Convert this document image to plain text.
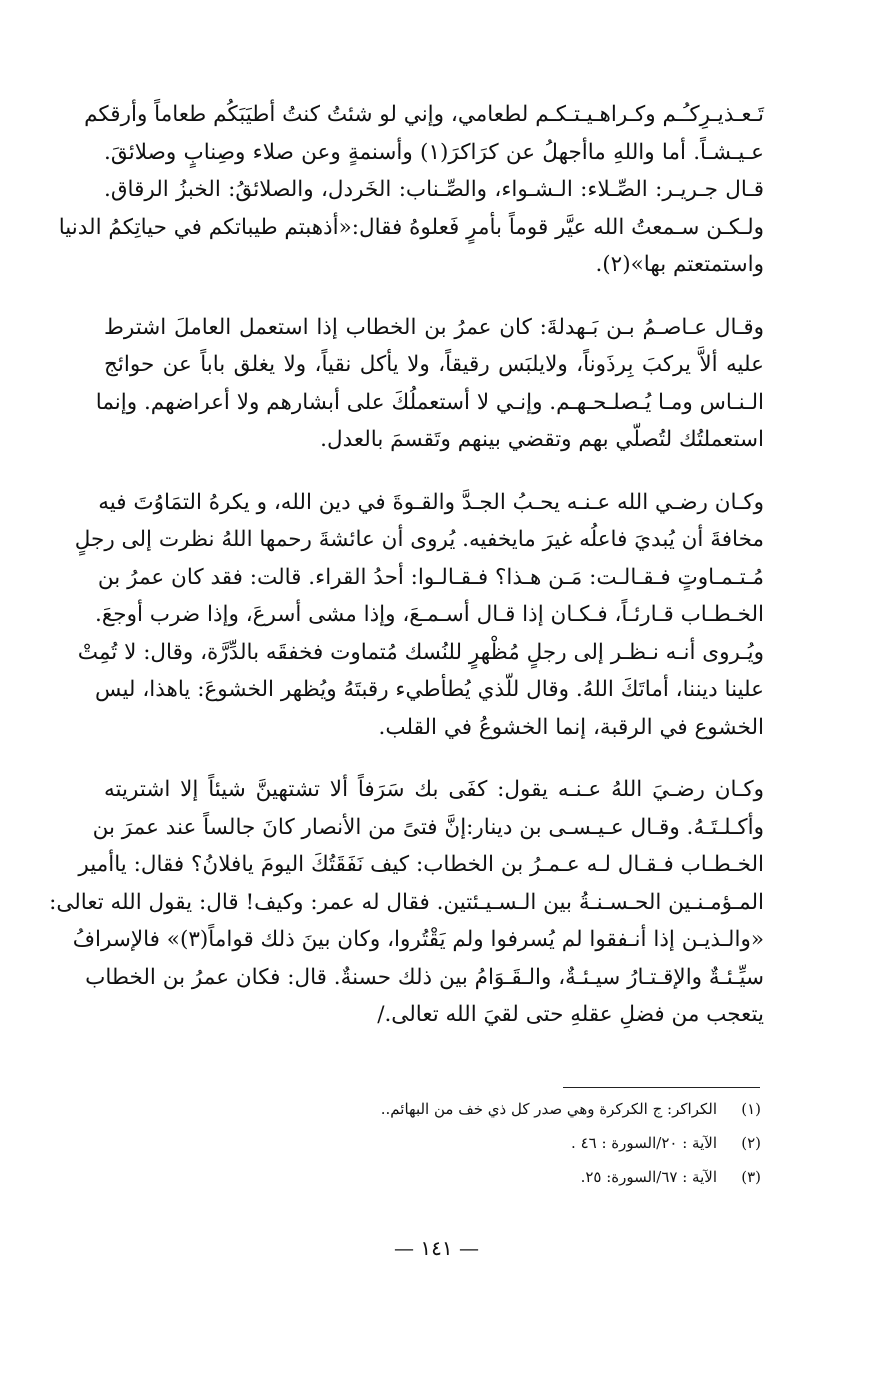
تَـعـذيـرِكـُـم وكـراهـيـتـكـم لطعامي، وإني لو شئتُ كنتُ أطيَبَكُم طعاماً وأرقكم
عـيـشـاً. أما واللهِ ماأجهلُ عن كرَاكرَ(١) وأسنمةٍ وعن صلاء وصِنابٍ وصلائقَ.
قـال جـريـر: الصِّـلاء: الـشـواء، والصِّـناب: الخَردل، والصلائقُ: الخبزُ الرقاق.
ولـكـن سـمعتُ الله عيَّر قوماً بأمرٍ فَعلوهُ فقال:«أذهبتم طيباتكم في حياتِكمُ الدنيا
واستمتعتم بها»(٢).
وقـال عـاصـمُ بـن بَـهدلةَ: كان عمرُ بن الخطاب إذا استعمل العاملَ اشترط
عليه ألاَّ يركبَ بِرذَوناً، ولايلبَس رقيقاً، ولا يأكل نقياً، ولا يغلق باباً عن حوائج
الـنـاس ومـا يُـصلـحـهـم. وإنـي لا أستعملُكَ على أبشارهم ولا أعراضهم. وإنما
استعملتُك لتُصلّي بهم وتقضي بينهم وتَقسمَ بالعدل.
وكـان رضـي الله عـنـه يحـبُ الجـدَّ والقـوةَ في دين الله، و يكرهُ التمَاوُتَ فيه
مخافةَ أن يُبديَ فاعلُه غيرَ مايخفيه. يُروى أن عائشةَ رحمها اللهُ نظرت إلى رجلٍ
مُـتـمـاوتٍ فـقـالـت: مَـن هـذا؟ فـقـالـوا: أحدُ القراء. قالت: فقد كان عمرُ بن
الخـطـاب قـارئـاً، فـكـان إذا قـال أسـمـعَ، وإذا مشى أسرعَ، وإذا ضرب أوجعَ.
ويُـروى أنـه نـظـر إلى رجلٍ مُظْهرٍ للنُسك مُتماوت فخفقَه بالدِّرَّة، وقال: لا تُمِتْ
علينا ديننا، أماتَكَ اللهُ. وقال للّذي يُطأطيء رقبتَهُ ويُظهر الخشوعَ: ياهذا، ليس
الخشوع في الرقبة، إنما الخشوعُ في القلب.
وكـان رضـيَ اللهُ عـنـه يقول: كفَى بك سَرَفاً ألا تشتهينَّ شيئاً إلا اشتريته
وأكـلـتَـهُ. وقـال عـيـسـى بن دينار:إنَّ فتىً من الأنصار كانَ جالساً عند عمرَ بن
الخـطـاب فـقـال لـه عـمـرُ بن الخطاب: كيف نَفَقَتُكَ اليومَ يافلانُ؟ فقال: ياأمير
المـؤمـنـين الحـسـنـةُ بين الـسـيـئتين. فقال له عمر: وكيف! قال: يقول الله تعالى:
«والـذيـن إذا أنـفقوا لم يُسرفوا ولم يَقْتُروا، وكان بينَ ذلك قواماً(٣)» فالإسرافُ
سيِّـئـةٌ والإقـتـارُ سيـئـةٌ، والـقَـوَامُ بين ذلك حسنةٌ. قال: فكان عمرُ بن الخطاب
يتعجب من فضلِ عقلهِ حتى لقيَ الله تعالى./
(١)
الكراكر: ج الكركرة وهي صدر كل ذي خف من البهائم..
(٢)
الآية : ٢٠/السورة : ٤٦ .
(٣)
الآية : ٦٧/السورة: ٢٥.
— ١٤١ —
